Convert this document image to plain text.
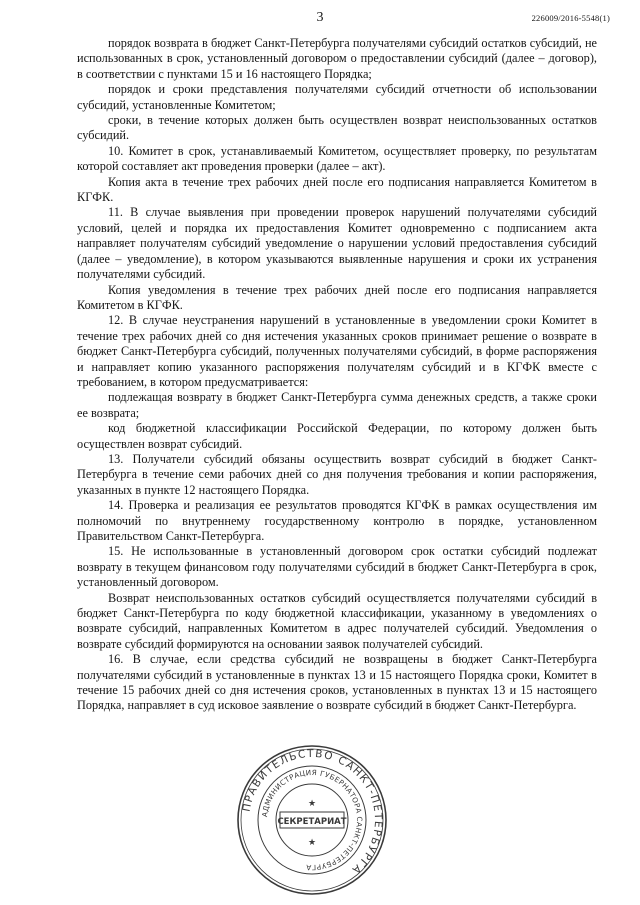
3	226009/2016-5548(1)

порядок возврата в бюджет Санкт-Петербурга получателями субсидий остатков субсидий, не использованных в срок, установленный договором о предоставлении субсидий (далее – договор), в соответствии с пунктами 15 и 16 настоящего Порядка;

порядок и сроки представления получателями субсидий отчетности об использовании субсидий, установленные Комитетом;

сроки, в течение которых должен быть осуществлен возврат неиспользованных остатков субсидий.

10. Комитет в срок, устанавливаемый Комитетом, осуществляет проверку, по результатам которой составляет акт проведения проверки (далее – акт).

Копия акта в течение трех рабочих дней после его подписания направляется Комитетом в КГФК.

11. В случае выявления при проведении проверок нарушений получателями субсидий условий, целей и порядка их предоставления Комитет одновременно с подписанием акта направляет получателям субсидий уведомление о нарушении условий предоставления субсидий (далее – уведомление), в котором указываются выявленные нарушения и сроки их устранения получателями субсидий.

Копия уведомления в течение трех рабочих дней после его подписания направляется Комитетом в КГФК.

12. В случае неустранения нарушений в установленные в уведомлении сроки Комитет в течение трех рабочих дней со дня истечения указанных сроков принимает решение о возврате в бюджет Санкт-Петербурга субсидий, полученных получателями субсидий, в форме распоряжения и направляет копию указанного распоряжения получателям субсидий и в КГФК вместе с требованием, в котором предусматривается:

подлежащая возврату в бюджет Санкт-Петербурга сумма денежных средств, а также сроки ее возврата;

код бюджетной классификации Российской Федерации, по которому должен быть осуществлен возврат субсидий.

13. Получатели субсидий обязаны осуществить возврат субсидий в бюджет Санкт-Петербурга в течение семи рабочих дней со дня получения требования и копии распоряжения, указанных в пункте 12 настоящего Порядка.

14. Проверка и реализация ее результатов проводятся КГФК в рамках осуществления им полномочий по внутреннему государственному контролю в порядке, установленном Правительством Санкт-Петербурга.

15. Не использованные в установленный договором срок остатки субсидий подлежат возврату в текущем финансовом году получателями субсидий в бюджет Санкт-Петербурга в срок, установленный договором.

Возврат неиспользованных остатков субсидий осуществляется получателями субсидий в бюджет Санкт-Петербурга по коду бюджетной классификации, указанному в уведомлениях о возврате субсидий, направленных Комитетом в адрес получателей субсидий. Уведомления о возврате субсидий формируются на основании заявок получателей субсидий.

16. В случае, если средства субсидий не возвращены в бюджет Санкт-Петербурга получателями субсидий в установленные в пунктах 13 и 15 настоящего Порядка сроки, Комитет в течение 15 рабочих дней со дня истечения сроков, установленных в пунктах 13 и 15 настоящего Порядка, направляет в суд исковое заявление о возврате субсидий в бюджет Санкт-Петербурга.

ПРАВИТЕЛЬСТВО САНКТ-ПЕТЕРБУРГА
АДМИНИСТРАЦИЯ ГУБЕРНАТОРА САНКТ-ПЕТЕРБУРГА
СЕКРЕТАРИАТ
★
★
